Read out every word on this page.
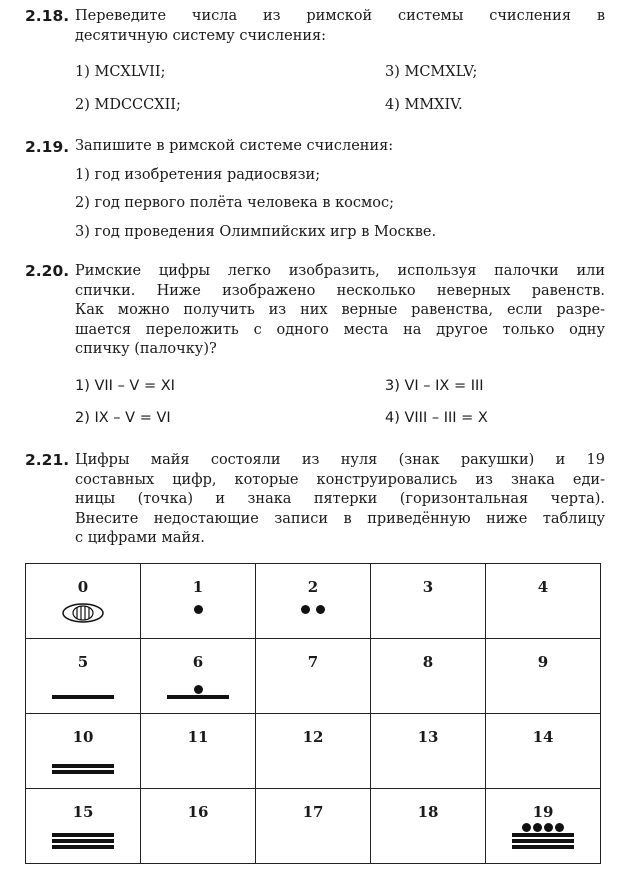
2.18. Переведите числа из римской системы счисления в
десятичную систему счисления:
1) MCXLVII;	3) MCMXLV;
2) MDCCCXII;	4) MMXIV.
2.19. Запишите в римской системе счисления:
1) год изобретения радиосвязи;
2) год первого полёта человека в космос;
3) год проведения Олимпийских игр в Москве.
2.20. Римские цифры легко изобразить, используя палочки или
спички. Ниже изображено несколько неверных равенств.
Как можно получить из них верные равенства, если разре-
шается переложить с одного места на другое только одну
спичку (палочку)?
1) VII – V = XI	3) VI – IX = III
2) IX – V = VI	4) VIII – III = X
2.21. Цифры майя состояли из нуля (знак ракушки) и 19
составных цифр, которые конструировались из знака еди-
ницы (точка) и знака пятерки (горизонтальная черта).
Внесите недостающие записи в приведённую ниже таблицу
с цифрами майя.
0	1	2	3	4

5	6	7	8	9

10	11	12	13	14

15	16	17	18	19
